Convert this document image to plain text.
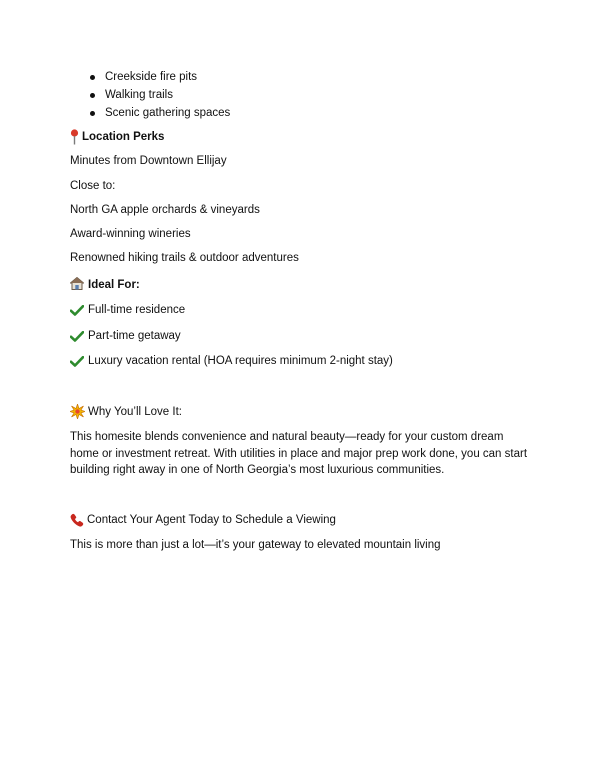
Creekside fire pits
Walking trails
Scenic gathering spaces
Location Perks
Minutes from Downtown Ellijay
Close to:
North GA apple orchards & vineyards
Award-winning wineries
Renowned hiking trails & outdoor adventures
Ideal For:
Full-time residence
Part-time getaway
Luxury vacation rental (HOA requires minimum 2-night stay)
Why You’ll Love It:
This homesite blends convenience and natural beauty—ready for your custom dream home or investment retreat. With utilities in place and major prep work done, you can start building right away in one of North Georgia’s most luxurious communities.
Contact Your Agent Today to Schedule a Viewing
This is more than just a lot—it’s your gateway to elevated mountain living
